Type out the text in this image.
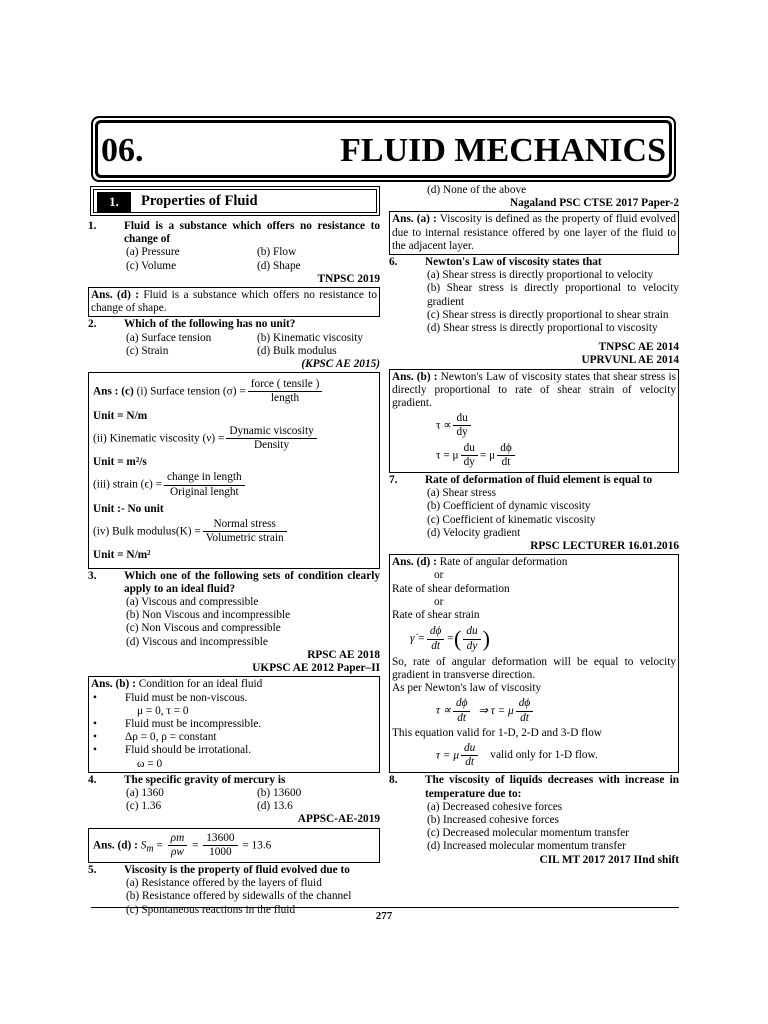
06.	FLUID MECHANICS
1.	Properties of Fluid
1.	Fluid is a substance which offers no resistance to change of
(a) Pressure	(b) Flow
(c) Volume	(d) Shape
TNPSC 2019
Ans. (d) : Fluid is a substance which offers no resistance to change of shape.
2.	Which of the following has no unit?
(a) Surface tension	(b) Kinematic viscosity
(c) Strain	(d) Bulk modulus
(KPSC AE 2015)
Ans : (c) (i) Surface tension $(\sigma) = \frac{\text{force ( tensile )}}{\text{length}}$
Unit = N/m
(ii) Kinematic viscosity $(\nu) = \frac{\text{Dynamic viscosity}}{\text{Density}}$
Unit = m²/s
(iii) strain $(\epsilon) = \frac{\text{change in length}}{\text{Original lenght}}$
Unit :- No unit
(iv) Bulk modulus(K) = $\frac{\text{Normal stress}}{\text{Volumetric strain}}$
Unit = N/m²
3.	Which one of the following sets of condition clearly apply to an ideal fluid?
(a) Viscous and compressible
(b) Non Viscous and incompressible
(c) Non Viscous and compressible
(d) Viscous and incompressible
RPSC AE 2018
UKPSC AE 2012 Paper–II
Ans. (b) : Condition for an ideal fluid
•	Fluid must be non-viscous.
μ = 0, τ = 0
•	Fluid must be incompressible.
•	Δρ = 0, ρ = constant
•	Fluid should be irrotational.
ω = 0
4.	The specific gravity of mercury is
(a) 1360	(b) 13600
(c) 1.36	(d) 13.6
APPSC-AE-2019
Ans. (d) : $S_m = \frac{\rho m}{\rho w} = \frac{13600}{1000} = 13.6$
5.	Viscosity is the property of fluid evolved due to
(a) Resistance offered by the layers of fluid
(b) Resistance offered by sidewalls of the channel
(c) Spontaneous reactions in the fluid
(d) None of the above
Nagaland PSC CTSE 2017 Paper-2
Ans. (a) : Viscosity is defined as the property of fluid evolved due to internal resistance offered by one layer of the fluid to the adjacent layer.
6.	Newton's Law of viscosity states that
(a) Shear stress is directly proportional to velocity
(b) Shear stress is directly proportional to velocity gradient
(c) Shear stress is directly proportional to shear strain
(d) Shear stress is directly proportional to viscosity
TNPSC AE 2014
UPRVUNL AE 2014
Ans. (b) : Newton's Law of viscosity states that shear stress is directly proportional to rate of shear strain of velocity gradient.
$\tau \propto \frac{du}{dy}$
τ = μ $\frac{du}{dy} = \mu \frac{d\phi}{dt}$
7.	Rate of deformation of fluid element is equal to
(a) Shear stress
(b) Coefficient of dynamic viscosity
(c) Coefficient of kinematic viscosity
(d) Velocity gradient
RPSC LECTURER 16.01.2016
Ans. (d) : Rate of angular deformation
or
Rate of shear deformation
or
Rate of shear strain
γ̇ = $\frac{d\phi}{dt}$ =( $\frac{du}{dy}$ )
So, rate of angular deformation will be equal to velocity gradient in transverse direction.
As per Newton's law of viscosity
$\tau \propto \frac{d\phi}{dt}$ ⇒ τ = μ $\frac{d\phi}{dt}$
This equation valid for 1-D, 2-D and 3-D flow
τ = μ $\frac{du}{dt}$ valid only for 1-D flow.
8.	The viscosity of liquids decreases with increase in temperature due to:
(a) Decreased cohesive forces
(b) Increased cohesive forces
(c) Decreased molecular momentum transfer
(d) Increased molecular momentum transfer
CIL MT 2017 2017 IInd shift
277
